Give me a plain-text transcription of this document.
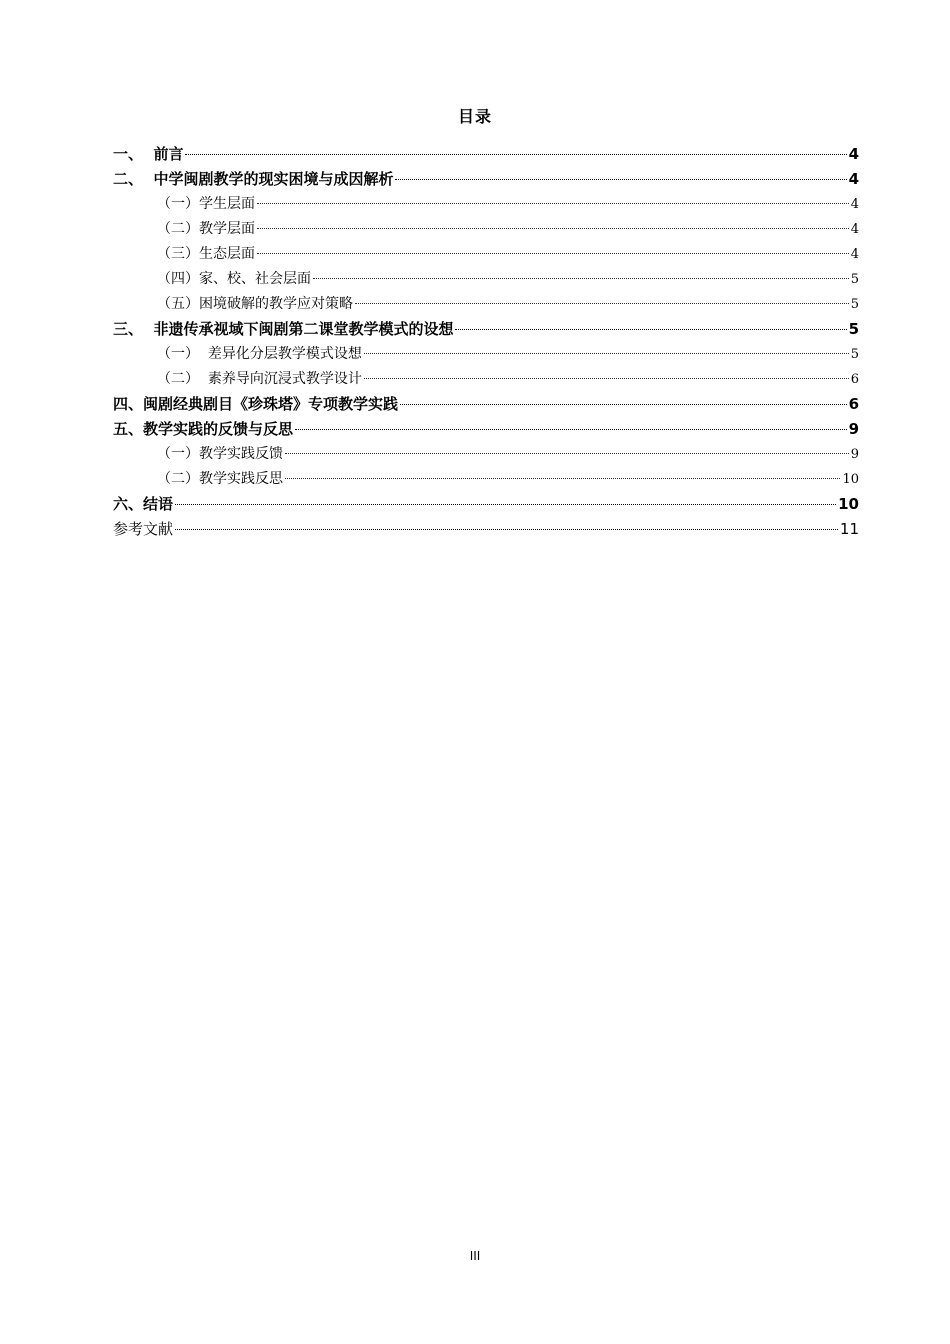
目录
一、 前言	4
二、 中学闽剧教学的现实困境与成因解析	4
（一） 学生层面	4
（二） 教学层面	4
（三） 生态层面	4
（四） 家、校、社会层面	5
（五） 困境破解的教学应对策略	5
三、 非遗传承视域下闽剧第二课堂教学模式的设想	5
（一） 差异化分层教学模式设想	5
（二） 素养导向沉浸式教学设计	6
四、 闽剧经典剧目《珍珠塔》专项教学实践	6
五、 教学实践的反馈与反思	9
（一） 教学实践反馈	9
（二） 教学实践反思	10
六、 结语	10
参考文献	11
III
